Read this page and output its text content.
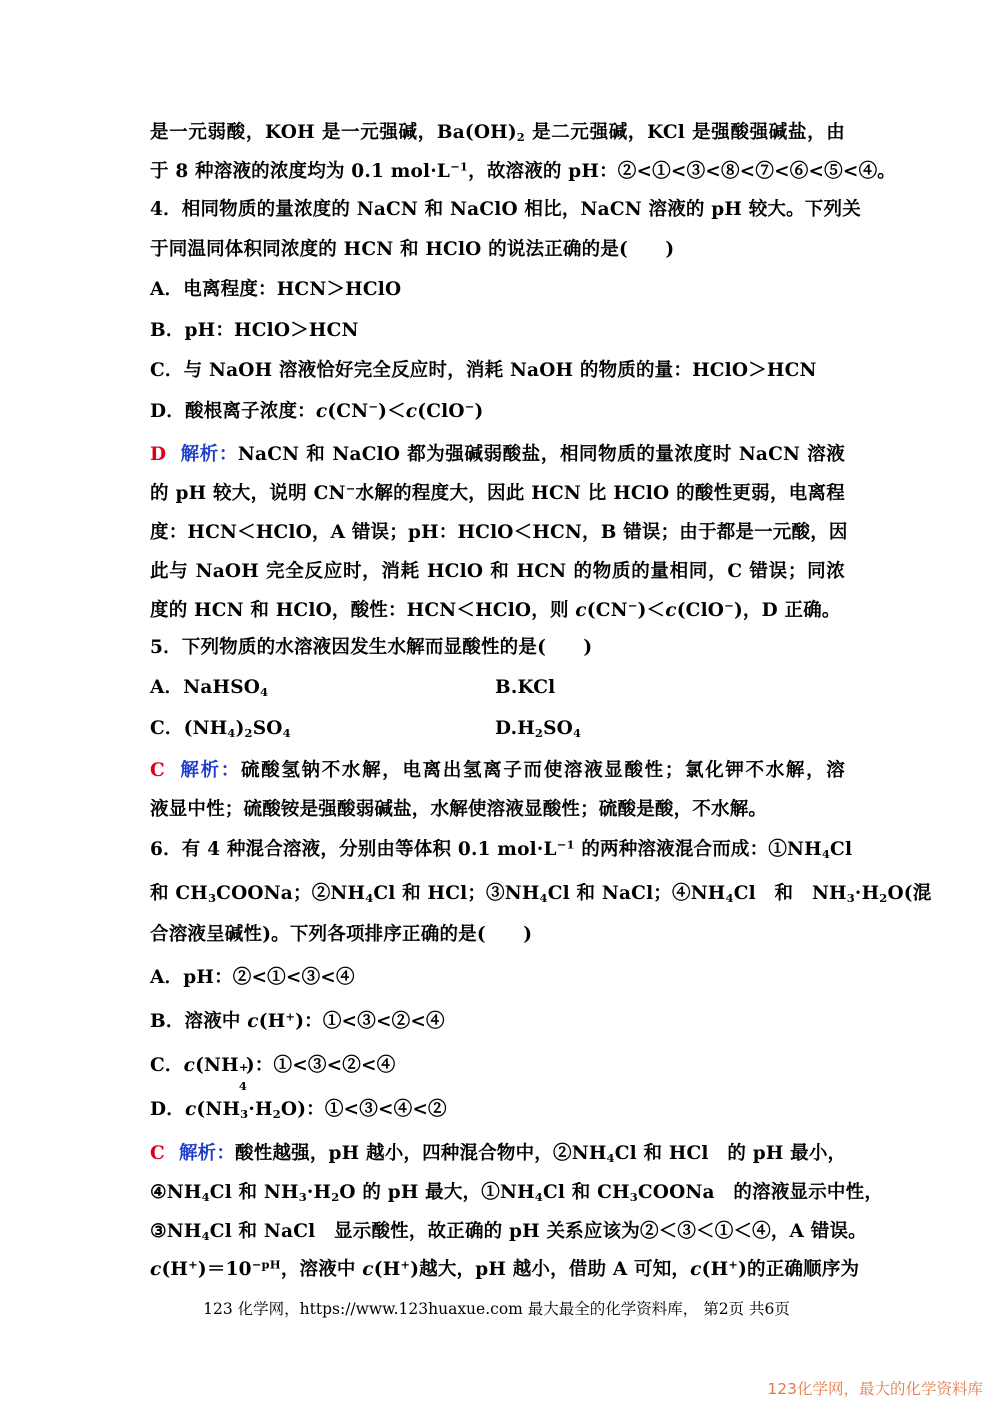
是一元弱酸，KOH 是一元强碱，$Ba(OH)_2$ 是二元强碱，KCl 是强酸强碱盐，由
于 8 种溶液的浓度均为 0.1 $mol\cdot L^{-1}$，故溶液的 pH：②<①<③<⑧<⑦<⑥<⑤<④。
4．相同物质的量浓度的 NaCN 和 NaClO 相比，NaCN 溶液的 pH 较大。下列关
于同温同体积同浓度的 HCN 和 HClO 的说法正确的是(　　)
A．电离程度：HCN＞HClO
B．pH：HClO＞HCN
C．与 NaOH 溶液恰好完全反应时，消耗 NaOH 的物质的量：HClO＞HCN
D．酸根离子浓度：c(CN−)＜c(ClO−)
D 解析：NaCN 和 NaClO 都为强碱弱酸盐，相同物质的量浓度时 NaCN 溶液
的 pH 较大，说明 CN−水解的程度大，因此 HCN 比 HClO 的酸性更弱，电离程
度：HCN＜HClO，A 错误；pH：HClO＜HCN，B 错误；由于都是一元酸，因
此与 NaOH 完全反应时，消耗 HClO 和 HCN 的物质的量相同，C 错误；同浓
度的 HCN 和 HClO，酸性：HCN＜HClO，则 c(CN−)＜c(ClO−)，D 正确。
5．下列物质的水溶液因发生水解而显酸性的是(　　)
A．NaHSO$_4$	B.KCl
C．$(NH_4)_2SO_4$	$D.H_2SO_4$
C 解析：硫酸氢钠不水解，电离出氢离子而使溶液显酸性；氯化钾不水解，溶
液显中性；硫酸铵是强酸弱碱盐，水解使溶液显酸性；硫酸是酸，不水解。
6．有 4 种混合溶液，分别由等体积 0.1 $mol\cdot L^{-1}$ 的两种溶液混合而成：$①NH_4Cl$
和 $CH_3COONa$；$②NH_4Cl$ 和 HCl；$③NH_4Cl$ 和 NaCl；$④NH_4Cl$　和　$NH_3\cdot H_2O$(混
合溶液呈碱性)。下列各项排序正确的是(　　)
A．pH：②<①<③<④
B．溶液中 c(H+)：①<③<②<④
C．c(NH +
4
)：①<③<②<④
D．$c(NH_3\cdot H_2O)$：①<③<④<②
C 解析：酸性越强，pH 越小，四种混合物中，$②NH_4Cl$ 和 HCl　的 pH 最小，
$④NH_4Cl$ 和 $NH_3\cdot H_2O$ 的 pH 最大，$①NH_4Cl$ 和 $CH_3COONa$　的溶液显示中性，
$③NH_4Cl$ 和 NaCl　显示酸性，故正确的 pH 关系应该为②＜③＜①＜④，A 错误。
$c(H^+)=10^{-pH}$，溶液中 c(H+)越大，pH 越小，借助 A 可知，c(H+)的正确顺序为
123 化学网，https://www.123huaxue.com 最大最全的化学资料库， 第2页 共6页
123化学网，最大的化学资料库
